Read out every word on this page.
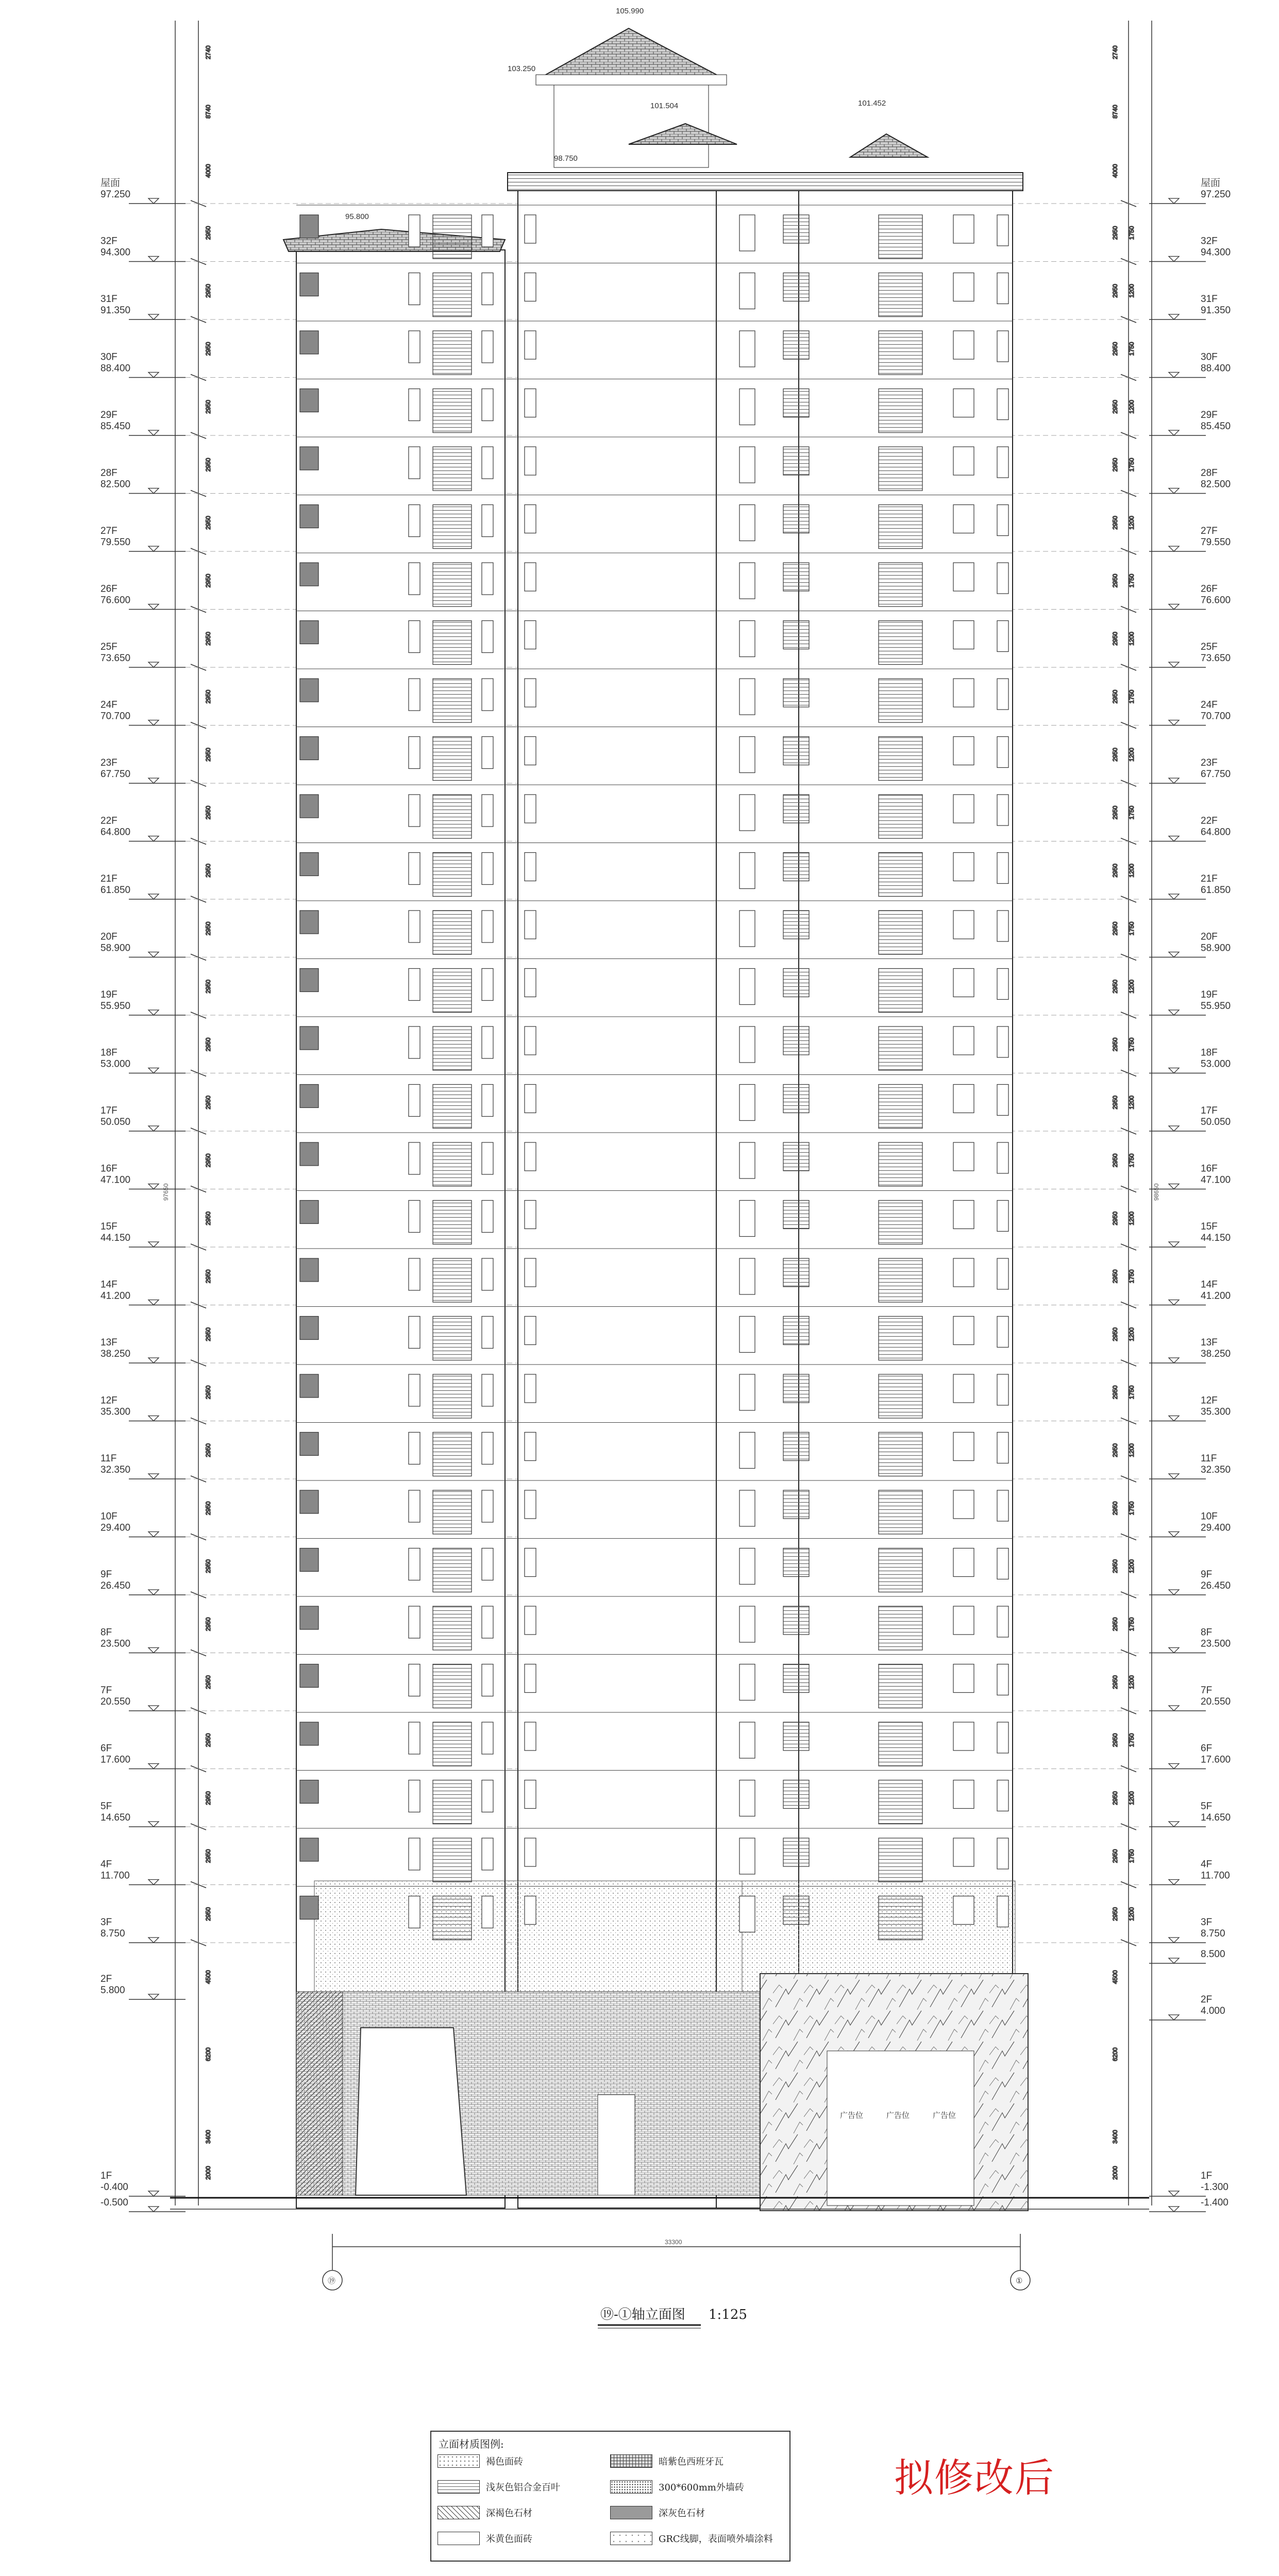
2950
2950
2950
2950
2950
2950
2950
2950
2950
2950
2950
2950
2950
2950
2950
2950
2950
2950
2950
2950
2950
2950
2950
2950
2950
2950
2950
2950
2950
2950
2740
8740
4000
4500
6200
3400
2000
2950 1750
2950 1200
2950 1750
2950 1200
2950 1750
2950 1200
2950 1750
2950 1200
2950 1750
2950 1200
2950 1750
2950 1200
2950 1750
2950 1200
2950 1750
2950 1200
2950 1750
2950 1200
2950 1750
2950 1200
2950 1750
2950 1200
2950 1750
2950 1200
2950 1750
2950 1200
2950 1750
2950 1200
2950 1750
2950 1200
2740
8740
4000
4500
6200
3400
2000
屋面
97.250
屋面
97.250
32F
94.300
32F
94.300
31F
91.350
31F
91.350
30F
88.400
30F
88.400
29F
85.450
29F
85.450
28F
82.500
28F
82.500
27F
79.550
27F
79.550
26F
76.600
26F
76.600
25F
73.650
25F
73.650
24F
70.700
24F
70.700
23F
67.750
23F
67.750
22F
64.800
22F
64.800
21F
61.850
21F
61.850
20F
58.900
20F
58.900
19F
55.950
19F
55.950
18F
53.000
18F
53.000
17F
50.050
17F
50.050
16F
47.100
16F
47.100
15F
44.150
15F
44.150
14F
41.200
14F
41.200
13F
38.250
13F
38.250
12F
35.300
12F
35.300
11F
32.350
11F
32.350
10F
29.400
10F
29.400
9F
26.450
9F
26.450
8F
23.500
8F
23.500
7F
20.550
7F
20.550
6F
17.600
6F
17.600
5F
14.650
5F
14.650
4F
11.700
4F
11.700
3F
8.750
3F
8.750
2F
5.800
1F
-0.400
-0.500
8.500
2F
4.000
1F
-1.300
-1.400
105.990
103.250
101.504	101.452
98.750
95.800
97650	98650
广告位	广告位	广告位
33300
⑲	①
⑲-①轴立面图 1:125
立面材质图例:
褐色面砖	暗紫色西班牙瓦
浅灰色铝合金百叶	300*600mm外墙砖
深褐色石材	深灰色石材
米黄色面砖	GRC线脚，表面喷外墙涂料
拟修改后
